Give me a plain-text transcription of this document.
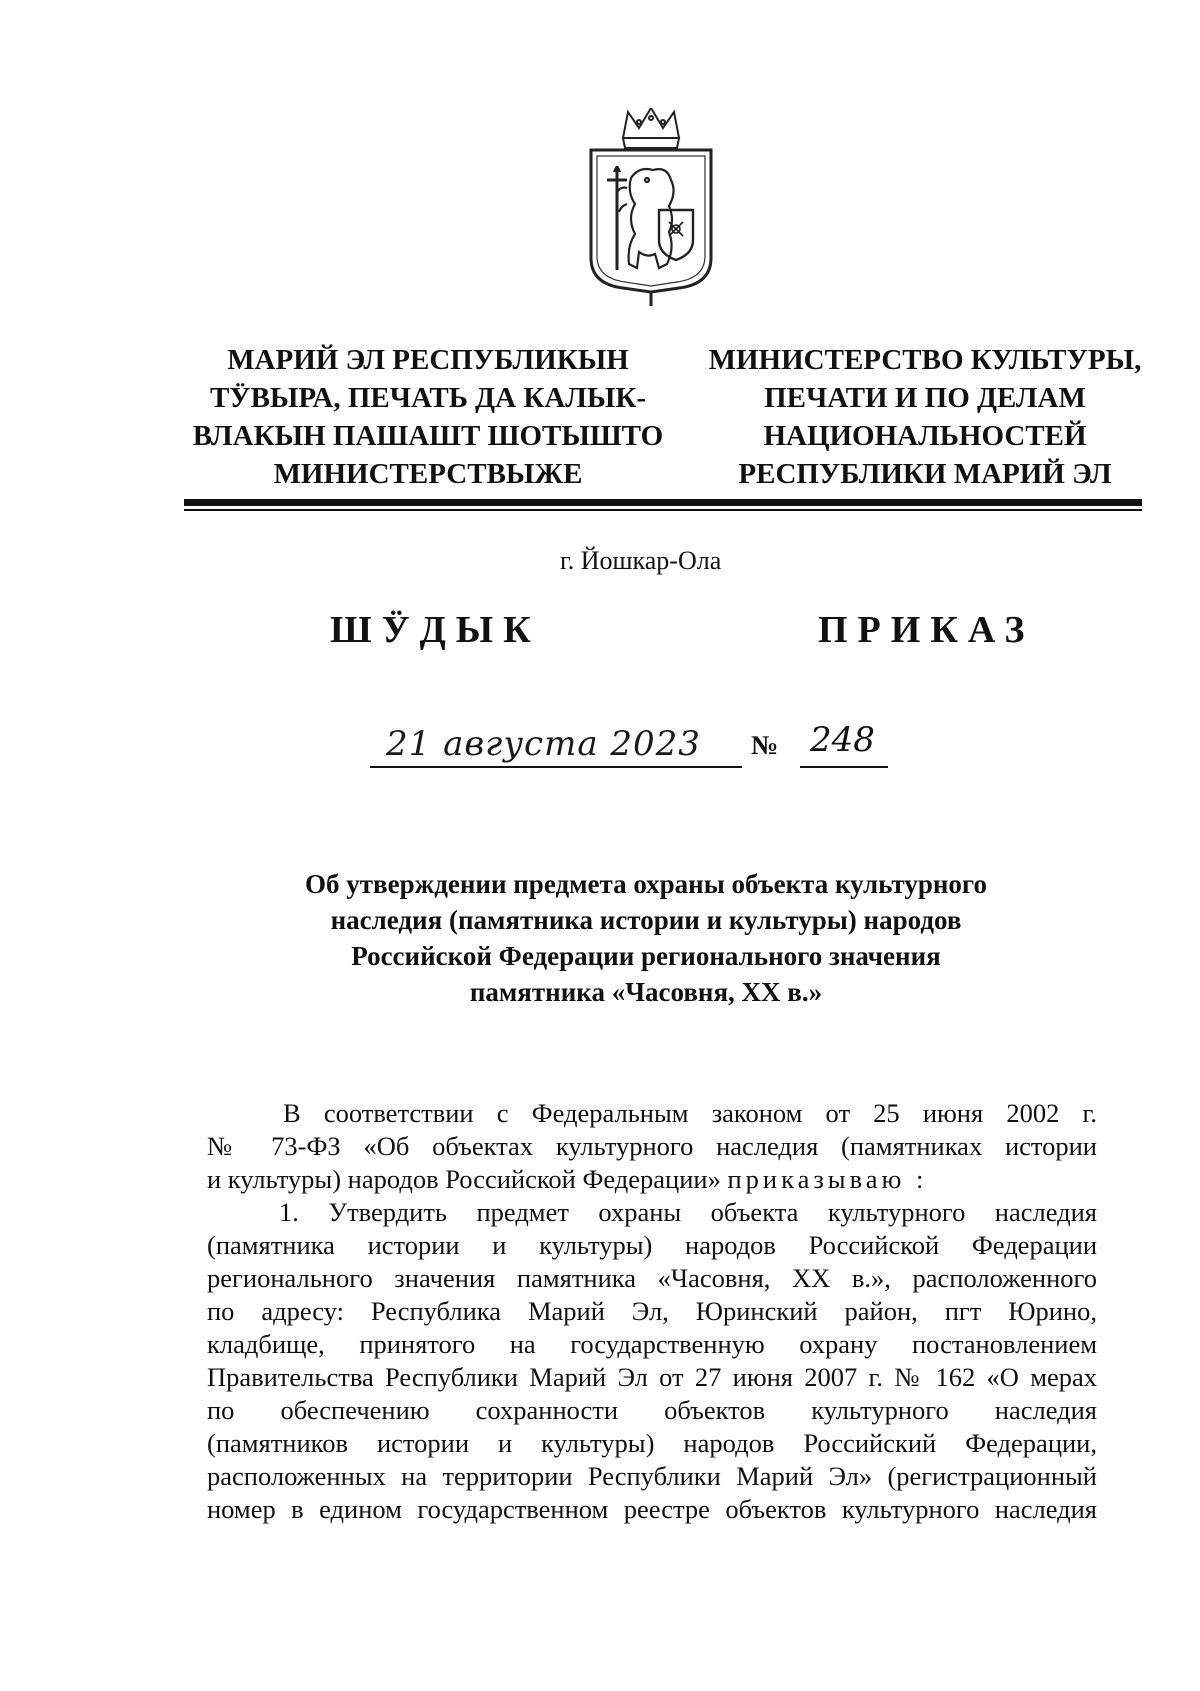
МАРИЙ ЭЛ РЕСПУБЛИКЫН
ТӰВЫРА, ПЕЧАТЬ ДА КАЛЫК-
ВЛАКЫН ПАШАШТ ШОТЫШТО
МИНИСТЕРСТВЫЖЕ
МИНИСТЕРСТВО КУЛЬТУРЫ,
ПЕЧАТИ И ПО ДЕЛАМ
НАЦИОНАЛЬНОСТЕЙ
РЕСПУБЛИКИ МАРИЙ ЭЛ
г. Йошкар-Ола
ШӰДЫК	ПРИКАЗ
21 августа 2023	№ 248
Об утверждении предмета охраны объекта культурного
наследия (памятника истории и культуры) народов
Российской Федерации регионального значения
памятника «Часовня, XX в.»
В соответствии с Федеральным законом от 25 июня 2002 г.
№ 73-ФЗ «Об объектах культурного наследия (памятниках истории
и культуры) народов Российской Федерации» приказываю :
1. Утвердить предмет охраны объекта культурного наследия
(памятника истории и культуры) народов Российской Федерации
регионального значения памятника «Часовня, XX в.», расположенного
по адресу: Республика Марий Эл, Юринский район, пгт Юрино,
кладбище, принятого на государственную охрану постановлением
Правительства Республики Марий Эл от 27 июня 2007 г. № 162 «О мерах
по обеспечению сохранности объектов культурного наследия
(памятников истории и культуры) народов Российский Федерации,
расположенных на территории Республики Марий Эл» (регистрационный
номер в едином государственном реестре объектов культурного наследия
